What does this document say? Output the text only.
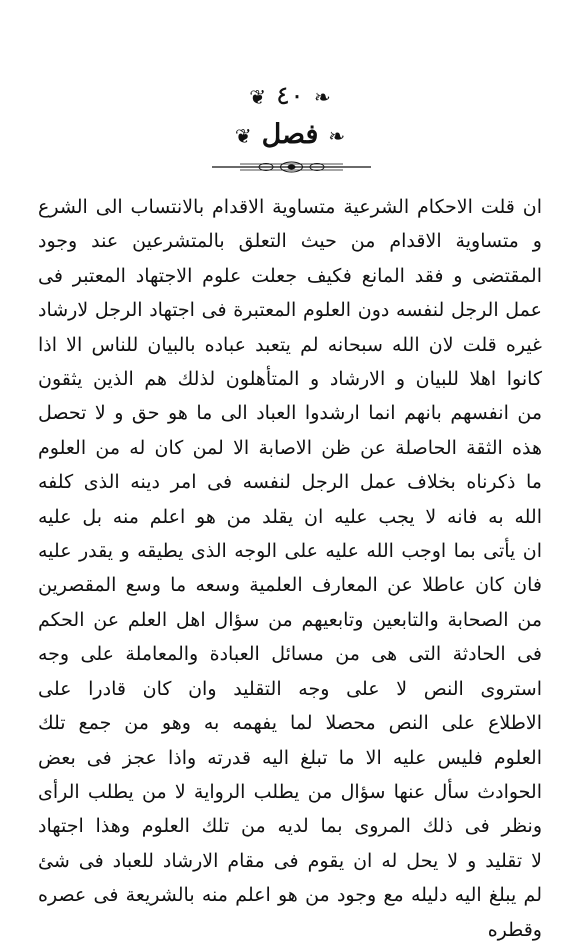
❦ ٤٠ ❧
❦ فصل ❧
ان قلت الاحكام الشرعية متساوية الاقدام بالانتساب الى الشرع
و متساوية الاقدام من حيث التعلق بالمتشرعين عند وجود
المقتضى و فقد المانع فكيف جعلت علوم الاجتهاد المعتبر فى
عمل الرجل لنفسه دون العلوم المعتبرة فى اجتهاد الرجل لارشاد
غيره قلت لان الله سبحانه لم يتعبد عباده بالبيان للناس الا اذا
كانوا اهلا للبيان و الارشاد و المتأهلون لذلك هم الذين يثقون
من انفسهم بانهم انما ارشدوا العباد الى ما هو حق و لا تحصل
هذه الثقة الحاصلة عن ظن الاصابة الا لمن كان له من العلوم
ما ذكرناه بخلاف عمل الرجل لنفسه فى امر دينه الذى كلفه
الله به فانه لا يجب عليه ان يقلد من هو اعلم منه بل عليه
ان يأتى بما اوجب الله عليه على الوجه الذى يطيقه و يقدر عليه
فان كان عاطلا عن المعارف العلمية وسعه ما وسع المقصرين
من الصحابة والتابعين وتابعيهم من سؤال اهل العلم عن الحكم
فى الحادثة التى هى من مسائل العبادة والمعاملة على وجه
استروى النص لا على وجه التقليد وان كان قادرا على
الاطلاع على النص محصلا لما يفهمه به وهو من جمع تلك
العلوم فليس عليه الا ما تبلغ اليه قدرته واذا عجز فى بعض
الحوادث سأل عنها سؤال من يطلب الرواية لا من يطلب الرأى
ونظر فى ذلك المروى بما لديه من تلك العلوم وهذا اجتهاد
لا تقليد و لا يحل له ان يقوم فى مقام الارشاد للعباد فى شئ
لم يبلغ اليه دليله مع وجود من هو اعلم منه بالشريعة فى عصره
وقطره
